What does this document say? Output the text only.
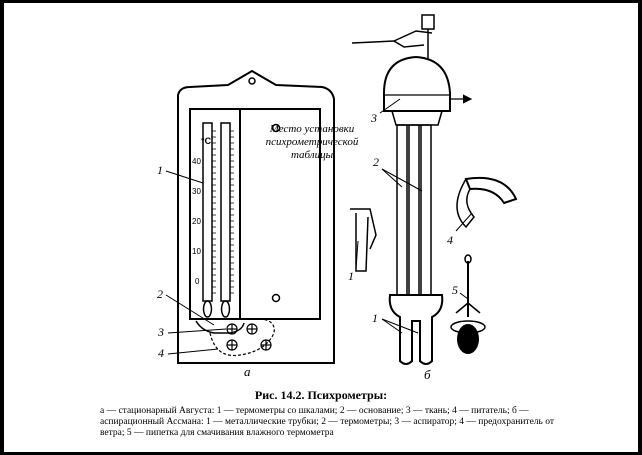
°C
40
30
20
10
0
Место установки психрометрической таблицы
1
2
3
4
а
3
2
1
1
4
5
б
Рис. 14.2. Психрометры:
а — стационарный Августа: 1 — термометры со шкалами; 2 — основание; 3 — ткань; 4 — питатель; б — аспирационный Ассмана: 1 — металлические трубки; 2 — термометры; 3 — аспиратор; 4 — предохранитель от ветра; 5 — пипетка для смачивания влажного термометра
